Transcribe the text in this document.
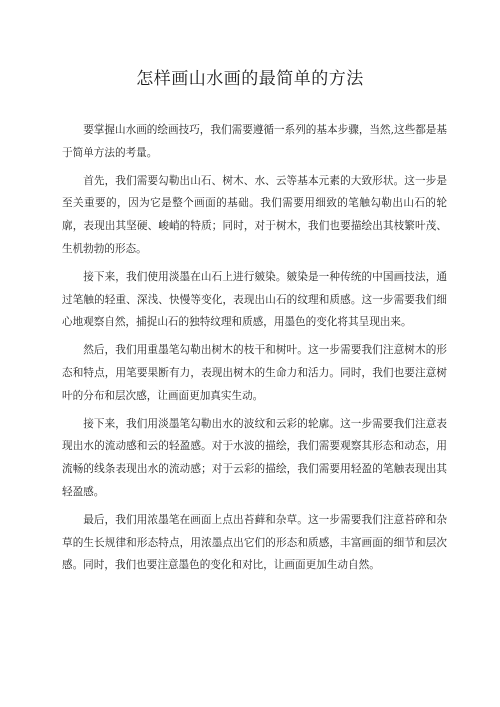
怎样画山水画的最简单的方法

要掌握山水画的绘画技巧，我们需要遵循一系列的基本步骤，当然,这些都是基于简单方法的考量。

首先，我们需要勾勒出山石、树木、水、云等基本元素的大致形状。这一步是至关重要的，因为它是整个画面的基础。我们需要用细致的笔触勾勒出山石的轮廓，表现出其坚硬、峻峭的特质；同时，对于树木，我们也要描绘出其枝繁叶茂、生机勃勃的形态。

接下来，我们使用淡墨在山石上进行皴染。皴染是一种传统的中国画技法，通过笔触的轻重、深浅、快慢等变化，表现出山石的纹理和质感。这一步需要我们细心地观察自然，捕捉山石的独特纹理和质感，用墨色的变化将其呈现出来。

然后，我们用重墨笔勾勒出树木的枝干和树叶。这一步需要我们注意树木的形态和特点，用笔要果断有力，表现出树木的生命力和活力。同时，我们也要注意树叶的分布和层次感，让画面更加真实生动。

接下来，我们用淡墨笔勾勒出水的波纹和云彩的轮廓。这一步需要我们注意表现出水的流动感和云的轻盈感。对于水波的描绘，我们需要观察其形态和动态，用流畅的线条表现出水的流动感；对于云彩的描绘，我们需要用轻盈的笔触表现出其轻盈感。

最后，我们用浓墨笔在画面上点出苔藓和杂草。这一步需要我们注意苔碎和杂草的生长规律和形态特点，用浓墨点出它们的形态和质感，丰富画面的细节和层次感。同时，我们也要注意墨色的变化和对比，让画面更加生动自然。
